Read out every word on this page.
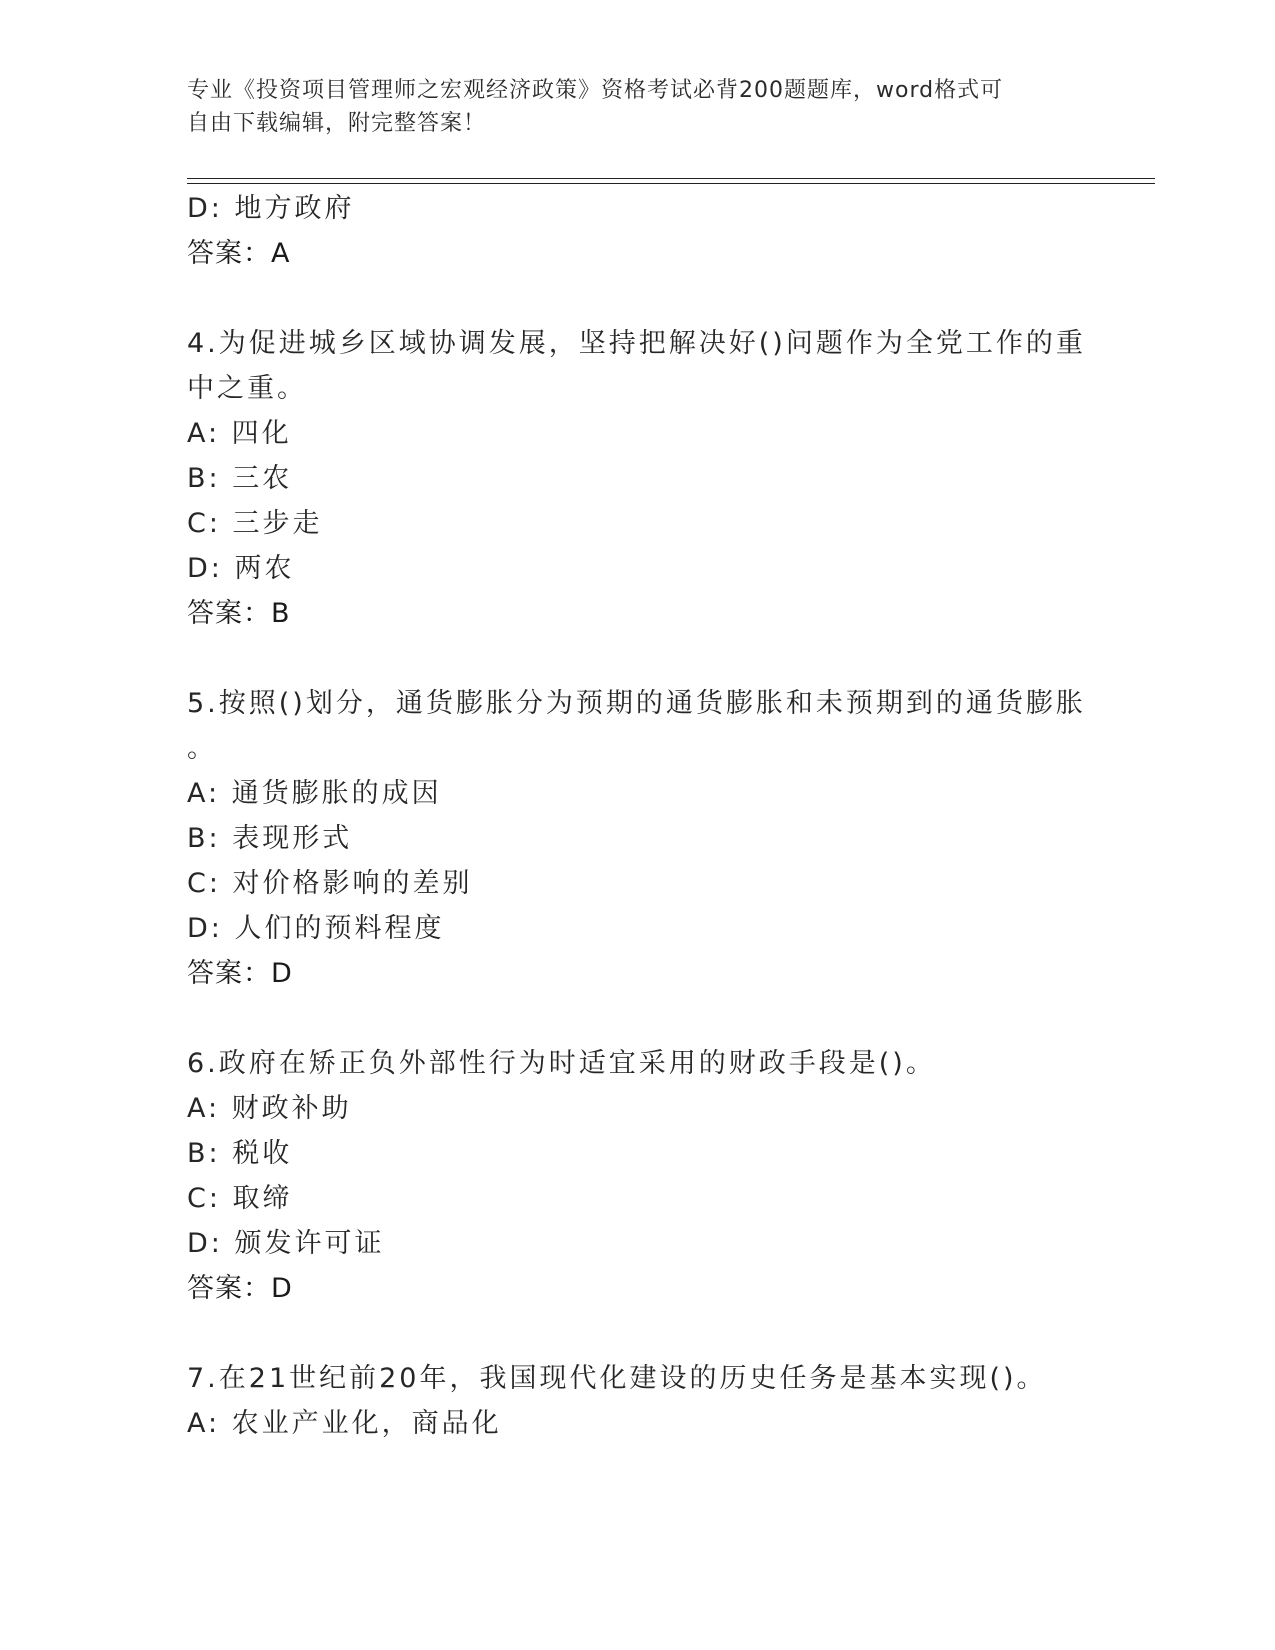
专业《投资项目管理师之宏观经济政策》资格考试必背200题题库，word格式可
自由下载编辑，附完整答案！
D: 地方政府
答案：A
4.为促进城乡区域协调发展，坚持把解决好()问题作为全党工作的重
中之重。
A: 四化
B: 三农
C: 三步走
D: 两农
答案：B
5.按照()划分，通货膨胀分为预期的通货膨胀和未预期到的通货膨胀
。
A: 通货膨胀的成因
B: 表现形式
C: 对价格影响的差别
D: 人们的预料程度
答案：D
6.政府在矫正负外部性行为时适宜采用的财政手段是()。
A: 财政补助
B: 税收
C: 取缔
D: 颁发许可证
答案：D
7.在21世纪前20年，我国现代化建设的历史任务是基本实现()。
A: 农业产业化，商品化
